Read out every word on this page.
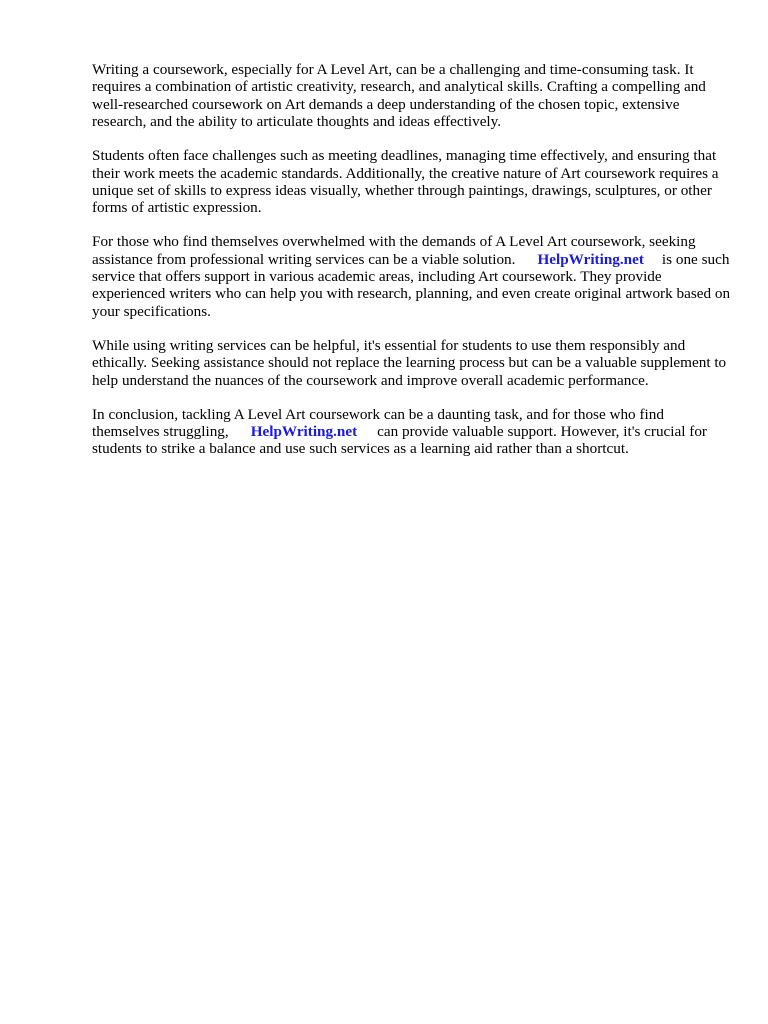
Writing a coursework, especially for A Level Art, can be a challenging and time-consuming task. It requires a combination of artistic creativity, research, and analytical skills. Crafting a compelling and well-researched coursework on Art demands a deep understanding of the chosen topic, extensive research, and the ability to articulate thoughts and ideas effectively.

Students often face challenges such as meeting deadlines, managing time effectively, and ensuring that their work meets the academic standards. Additionally, the creative nature of Art coursework requires a unique set of skills to express ideas visually, whether through paintings, drawings, sculptures, or other forms of artistic expression.

For those who find themselves overwhelmed with the demands of A Level Art coursework, seeking assistance from professional writing services can be a viable solution. HelpWriting.net is one such service that offers support in various academic areas, including Art coursework. They provide experienced writers who can help you with research, planning, and even create original artwork based on your specifications.

While using writing services can be helpful, it's essential for students to use them responsibly and ethically. Seeking assistance should not replace the learning process but can be a valuable supplement to help understand the nuances of the coursework and improve overall academic performance.

In conclusion, tackling A Level Art coursework can be a daunting task, and for those who find themselves struggling, HelpWriting.net can provide valuable support. However, it's crucial for students to strike a balance and use such services as a learning aid rather than a shortcut.
